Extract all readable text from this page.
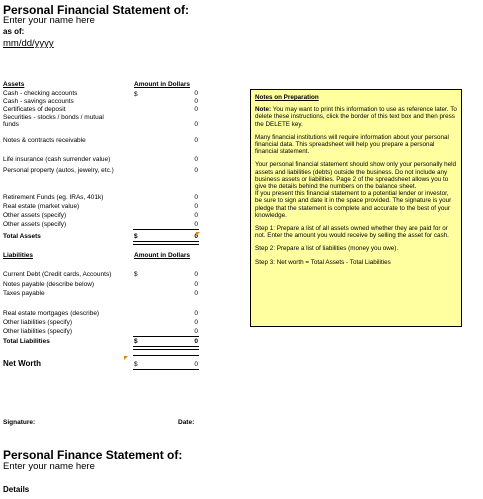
Personal Financial Statement of:
Enter your name here
as of:
mm/dd/yyyy
Assets	Amount in Dollars
$
Cash - checking accounts	0
Cash - savings accounts	0
Certificates of deposit	0
Securities - stocks / bonds / mutual funds	0
Notes & contracts receivable	0
Life insurance (cash surrender value)	0
Personal property (autos, jewelry, etc.)	0
Retirement Funds (eg. IRAs, 401k)	0
Real estate (market value)	0
Other assets (specify)	0
Other assets (specify)	0
Total Assets	$	0
Liabilities	Amount in Dollars
Current Debt (Credit cards, Accounts)	$	0
Notes payable (describe below)	0
Taxes payable	0
Real estate mortgages (describe)	0
Other liabilities (specify)	0
Other liabilities (specify)	0
Total Liabilities	$	0
Net Worth	$	0
Signature:	Date:
Personal Finance Statement of:
Enter your name here
Details

Notes on Preparation

Note: You may want to print this information to use as reference later. To delete these instructions, click the border of this text box and then press the DELETE key.

Many financial institutions will require information about your personal financial data. This spreadsheet will help you prepare a personal financial statement.

Your personal financial statement should show only your personally held assets and liabilities (debts) outside the business. Do not include any business assets or liabilities. Page 2 of the spreadsheet allows you to give the details behind the numbers on the balance sheet.

If you present this financial statement to a potential lender or investor, be sure to sign and date it in the space provided. The signature is your pledge that the statement is complete and accurate to the best of your knowledge.

Step 1: Prepare a list of all assets owned whether they are paid for or not. Enter the amount you would receive by selling the asset for cash.

Step 2: Prepare a list of liabilities (money you owe).

Step 3: Net worth = Total Assets - Total Liabilities
